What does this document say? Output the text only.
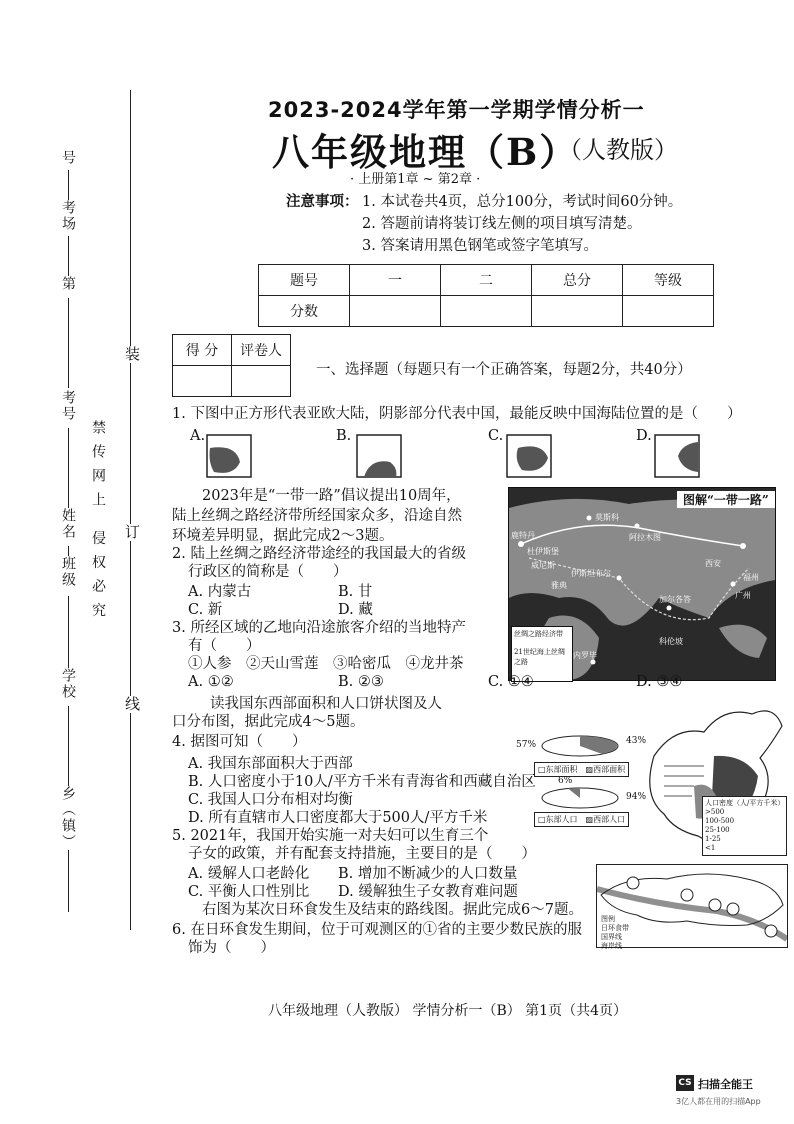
号
考场
第
考号
姓名
班级
学校
乡（镇）
禁传网上 侵权必究
装
订
线
2023-2024学年第一学期学情分析一
八年级地理（B）
（人教版）
· 上册第1章 ~ 第2章 ·
注意事项： 1. 本试卷共4页，总分100分，考试时间60分钟。
2. 答题前请将装订线左侧的项目填写清楚。
3. 答案请用黑色钢笔或签字笔填写。
题号	一	二	总分	等级
分数				
得 分	评卷人

一、选择题（每题只有一个正确答案，每题2分，共40分）
1. 下图中正方形代表亚欧大陆，阴影部分代表中国，最能反映中国海陆位置的是（　　）
A.	B.	C.	D.
2023年是“一带一路”倡议提出10周年，
陆上丝绸之路经济带所经国家众多，沿途自然
环境差异明显，据此完成2～3题。
图解“一带一路”
莫斯科
鹿特丹
杜伊斯堡
威尼斯
伊斯坦布尔
阿拉木图
西安
福州
广州
加尔各答
科伦坡
内罗毕
雅典
丝绸之路经济带
21世纪海上丝绸之路
2. 陆上丝绸之路经济带途经的我国最大的省级
行政区的简称是（　　）
A. 内蒙古	B. 甘
C. 新	D. 藏
3. 所经区域的乙地向沿途旅客介绍的当地特产
有（　　）
①人参　②天山雪莲　③哈密瓜　④龙井茶
A. ①②	B. ②③	C. ①④	D. ③④
读我国东西部面积和人口饼状图及人
口分布图，据此完成4～5题。
57%	43%
□东部面积　▨西部面积
6%
94%
□东部人口　▨西部人口
人口密度（人/平方千米）
>500
100-500
25-100
1-25
<1
4. 据图可知（　　）
A. 我国东部面积大于西部
B. 人口密度小于10人/平方千米有青海省和西藏自治区
C. 我国人口分布相对均衡
D. 所有直辖市人口密度都大于500人/平方千米
5. 2021年，我国开始实施一对夫妇可以生育三个
子女的政策，并有配套支持措施，主要目的是（　　）
A. 缓解人口老龄化 B. 增加不断减少的人口数量
C. 平衡人口性别比 D. 缓解独生子女教育难问题
右图为某次日环食发生及结束的路线图。据此完成6～7题。
6. 在日环食发生期间，位于可观测区的①省的主要少数民族的服
饰为（　　）
图例
日环食带
国界线
海岸线
八年级地理（人教版） 学情分析一（B） 第1页（共4页）
CS 扫描全能王
3亿人都在用的扫描App
